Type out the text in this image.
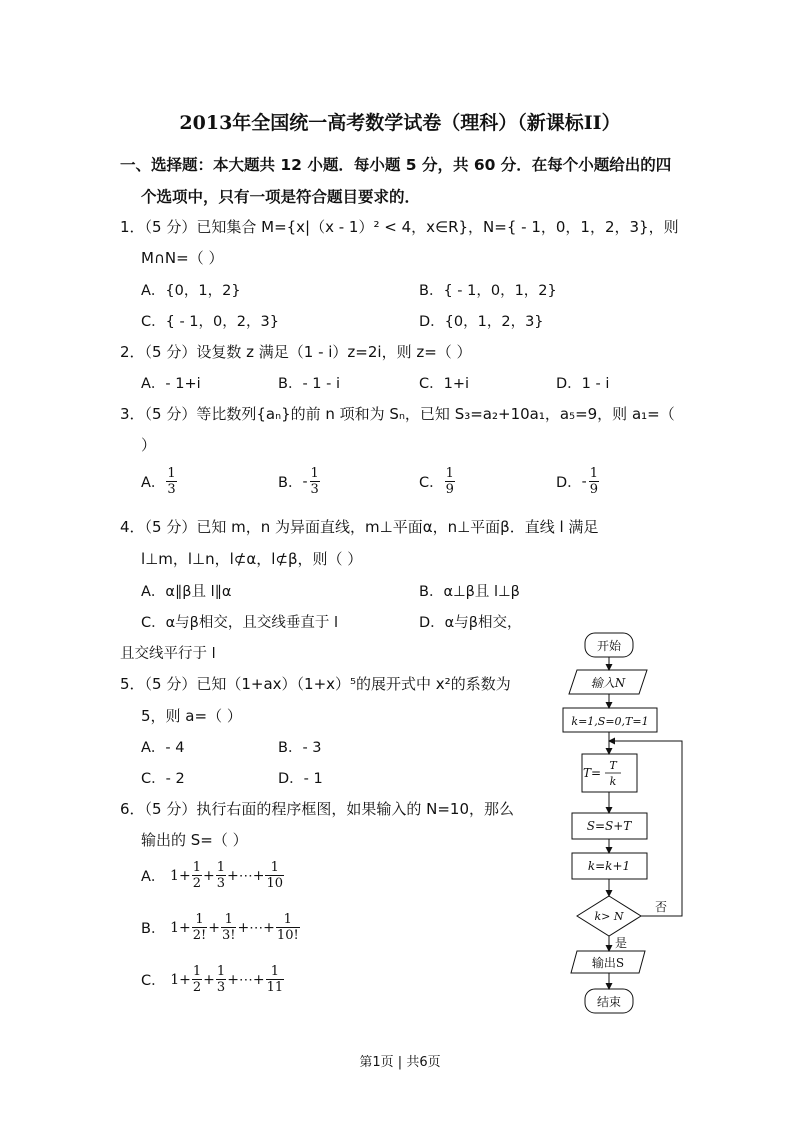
2013年全国统一高考数学试卷（理科）（新课标II）
一、选择题：本大题共 12 小题．每小题 5 分，共 60 分．在每个小题给出的四
个选项中，只有一项是符合题目要求的．
1．（5 分）已知集合 M={x|（x - 1）² < 4，x∈R}，N={ - 1，0，1，2，3}，则
M∩N=（ ）
A．{0，1，2}	B．{ - 1，0，1，2}
C．{ - 1，0，2，3}	D．{0，1，2，3}
2．（5 分）设复数 z 满足（1 - i）z=2i，则 z=（ ）
A．- 1+i	B．- 1 - i	C．1+i	D．1 - i
3．（5 分）等比数列{aₙ}的前 n 项和为 Sₙ，已知 S₃=a₂+10a₁，a₅=9，则 a₁=（
）
A． $\frac{1}{3}$	B．- $\frac{1}{3}$	C． $\frac{1}{9}$	D．- $\frac{1}{9}$
4．（5 分）已知 m，n 为异面直线，m⊥平面α，n⊥平面β．直线 l 满足
l⊥m，l⊥n，l⊄α，l⊄β，则（ ）
A．α∥β且 l∥α	B．α⊥β且 l⊥β
C．α与β相交，且交线垂直于 l	D．α与β相交，
且交线平行于 l
5．（5 分）已知（1+ax）（1+x）⁵的展开式中 x²的系数为
5，则 a=（ ）
A．- 4	B．- 3
C．- 2	D．- 1
6．（5 分）执行右面的程序框图，如果输入的 N=10，那么
输出的 S=（ ）
A． $1+ \frac{1}{2} + \frac{1}{3}$ +⋯+ $\frac{1}{10}$
B． $1+ \frac{1}{2!} + \frac{1}{3!}$ +⋯+ $\frac{1}{10!}$
C． $1+ \frac{1}{2} + \frac{1}{3}$ +⋯+ $\frac{1}{11}$
开始
输入N
k=1,S=0,T=1
T=
T
k
S=S+T
k=k+1
k> N
否
是
输出S
结束
第1页 | 共6页
